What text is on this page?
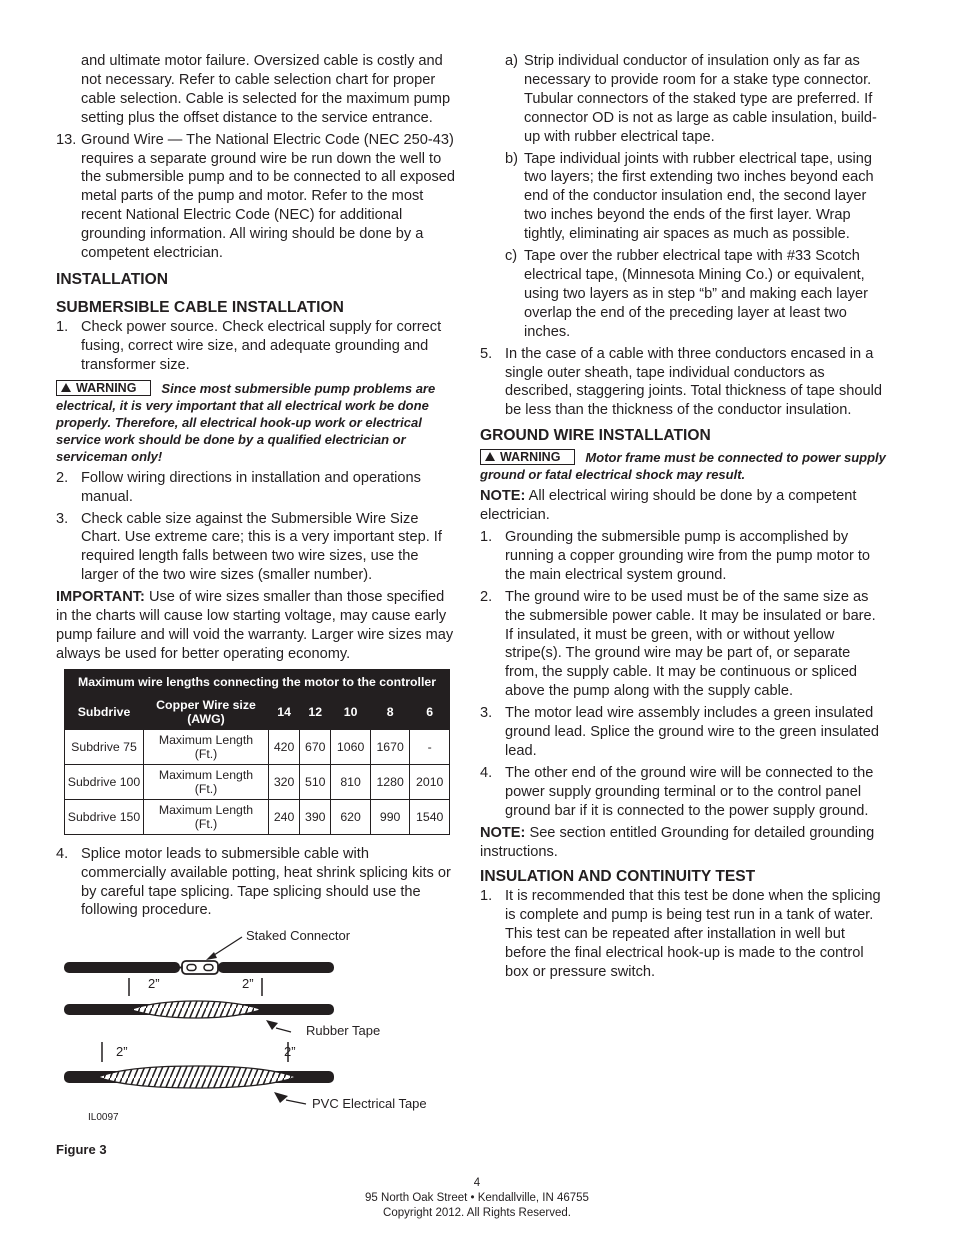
and ultimate motor failure. Oversized cable is costly and not necessary. Refer to cable selection chart for proper cable selection. Cable is selected for the maximum pump setting plus the offset distance to the service entrance.

13. Ground Wire — The National Electric Code (NEC 250-43) requires a separate ground wire be run down the well to the submersible pump and to be connected to all exposed metal parts of the pump and motor. Refer to the most recent National Electric Code (NEC) for additional grounding information. All wiring should be done by a competent electrician.
INSTALLATION
SUBMERSIBLE CABLE INSTALLATION
1. Check power source. Check electrical supply for correct fusing, correct wire size, and adequate grounding and transformer size.

WARNING Since most submersible pump problems are electrical, it is very important that all electrical work be done properly. Therefore, all electrical hook-up work or electrical service work should be done by a qualified electrician or serviceman only!

2. Follow wiring directions in installation and operations manual.
3. Check cable size against the Submersible Wire Size Chart. Use extreme care; this is a very important step. If required length falls between two wire sizes, use the larger of the two wire sizes (smaller number).

IMPORTANT: Use of wire sizes smaller than those specified in the charts will cause low starting voltage, may cause early pump failure and will void the warranty. Larger wire sizes may always be used for better operating economy.

Maximum wire lengths connecting the motor to the controller						
Subdrive	Copper Wire size (AWG)	14	12	10	8	6
Subdrive 75	Maximum Length (Ft.)	420	670	1060	1670	-
Subdrive 100	Maximum Length (Ft.)	320	510	810	1280	2010
Subdrive 150	Maximum Length (Ft.)	240	390	620	990	1540
4. Splice motor leads to submersible cable with commercially available potting, heat shrink splicing kits or by careful tape splicing. Tape splicing should use the following procedure.
Staked Connector
2”	2”
Rubber Tape
2”	2”
PVC Electrical Tape
IL0097
Figure 3
a) Strip individual conductor of insulation only as far as necessary to provide room for a stake type connector. Tubular connectors of the staked type are preferred. If connector OD is not as large as cable insulation, build-up with rubber electrical tape.
b) Tape individual joints with rubber electrical tape, using two layers; the first extending two inches beyond each end of the conductor insulation end, the second layer two inches beyond the ends of the first layer. Wrap tightly, eliminating air spaces as much as possible.
c) Tape over the rubber electrical tape with #33 Scotch electrical tape, (Minnesota Mining Co.) or equivalent, using two layers as in step “b” and making each layer overlap the end of the preceding layer at least two inches.
5. In the case of a cable with three conductors encased in a single outer sheath, tape individual conductors as described, staggering joints. Total thickness of tape should be less than the thickness of the conductor insulation.
GROUND WIRE INSTALLATION

WARNING Motor frame must be connected to power supply ground or fatal electrical shock may result.

NOTE: All electrical wiring should be done by a competent electrician.

1. Grounding the submersible pump is accomplished by running a copper grounding wire from the pump motor to the main electrical system ground.
2. The ground wire to be used must be of the same size as the submersible power cable. It may be insulated or bare. If insulated, it must be green, with or without yellow stripe(s). The ground wire may be part of, or separate from, the supply cable. It may be continuous or spliced above the pump along with the supply cable.
3. The motor lead wire assembly includes a green insulated ground lead. Splice the ground wire to the green insulated lead.
4. The other end of the ground wire will be connected to the power supply grounding terminal or to the control panel ground bar if it is connected to the power supply ground.

NOTE: See section entitled Grounding for detailed grounding instructions.

INSULATION AND CONTINUITY TEST
1. It is recommended that this test be done when the splicing is complete and pump is being test run in a tank of water. This test can be repeated after installation in well but before the final electrical hook-up is made to the control box or pressure switch.
4
95 North Oak Street • Kendallville, IN 46755
Copyright 2012. All Rights Reserved.
